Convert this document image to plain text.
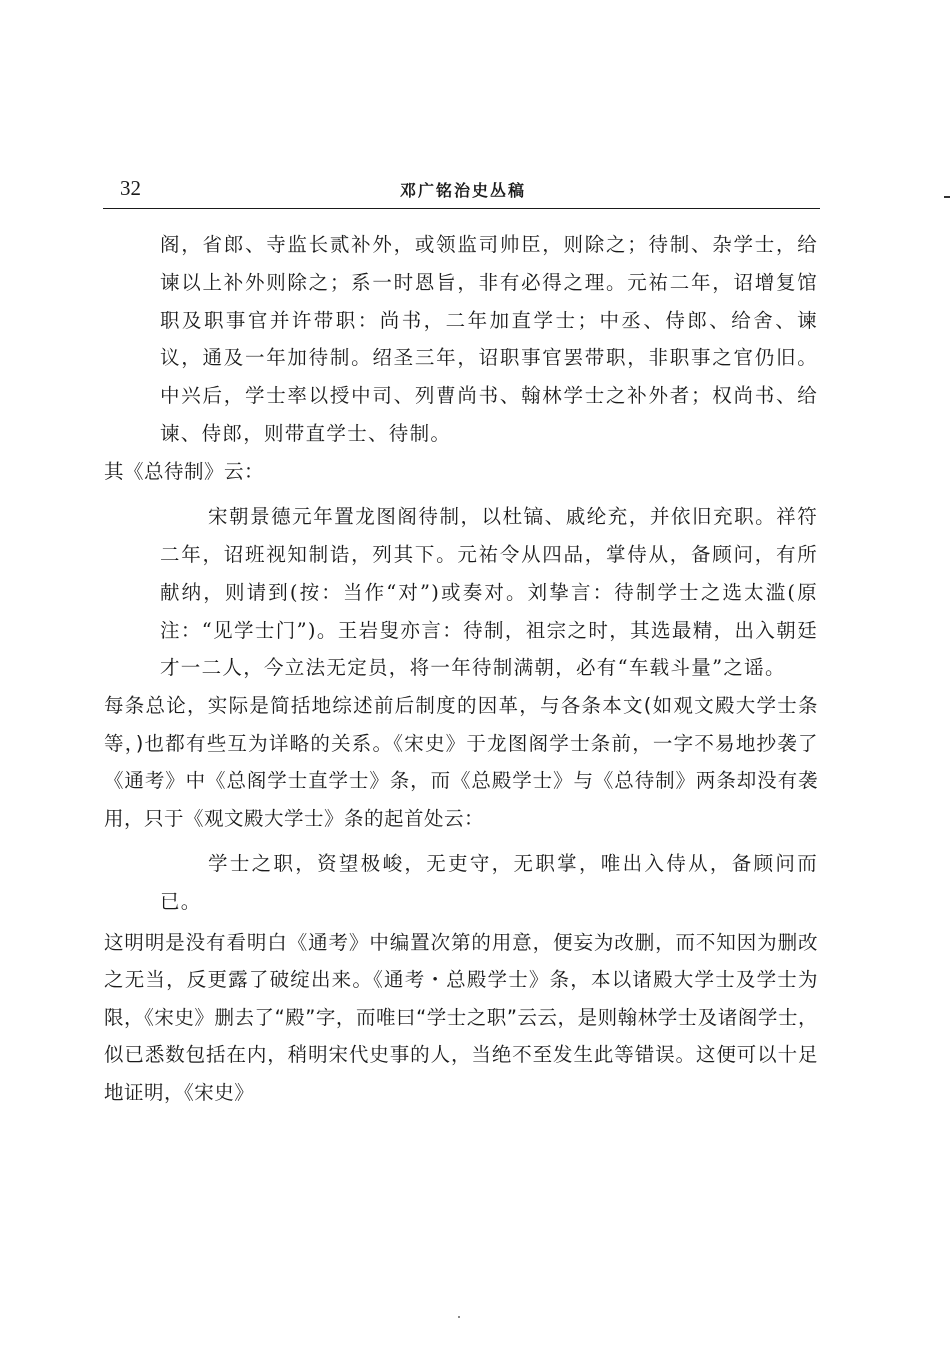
32	邓广铭治史丛稿

阁，省郎、寺监长贰补外，或领监司帅臣，则除之；待制、杂学士，给谏以上补外则除之；系一时恩旨，非有必得之理。元祐二年，诏增复馆职及职事官并许带职：尚书，二年加直学士；中丞、侍郎、给舍、谏议，通及一年加待制。绍圣三年，诏职事官罢带职，非职事之官仍旧。中兴后，学士率以授中司、列曹尚书、翰林学士之补外者；权尚书、给谏、侍郎，则带直学士、待制。

其《总待制》云：

宋朝景德元年置龙图阁待制，以杜镐、戚纶充，并依旧充职。祥符二年，诏班视知制诰，列其下。元祐令从四品，掌侍从，备顾问，有所献纳，则请到(按：当作“对”)或奏对。刘挚言：待制学士之选太滥(原注：“见学士门”)。王岩叟亦言：待制，祖宗之时，其选最精，出入朝廷才一二人，今立法无定员，将一年待制满朝，必有“车载斗量”之谣。

每条总论，实际是简括地综述前后制度的因革，与各条本文(如观文殿大学士条等，)也都有些互为详略的关系。《宋史》于龙图阁学士条前，一字不易地抄袭了《通考》中《总阁学士直学士》条，而《总殿学士》与《总待制》两条却没有袭用，只于《观文殿大学士》条的起首处云：

学士之职，资望极峻，无吏守，无职掌，唯出入侍从，备顾问而已。

这明明是没有看明白《通考》中编置次第的用意，便妄为改删，而不知因为删改之无当，反更露了破绽出来。《通考・总殿学士》条，本以诸殿大学士及学士为限，《宋史》删去了“殿”字，而唯曰“学士之职”云云，是则翰林学士及诸阁学士，似已悉数包括在内，稍明宋代史事的人，当绝不至发生此等错误。这便可以十足地证明，《宋史》
